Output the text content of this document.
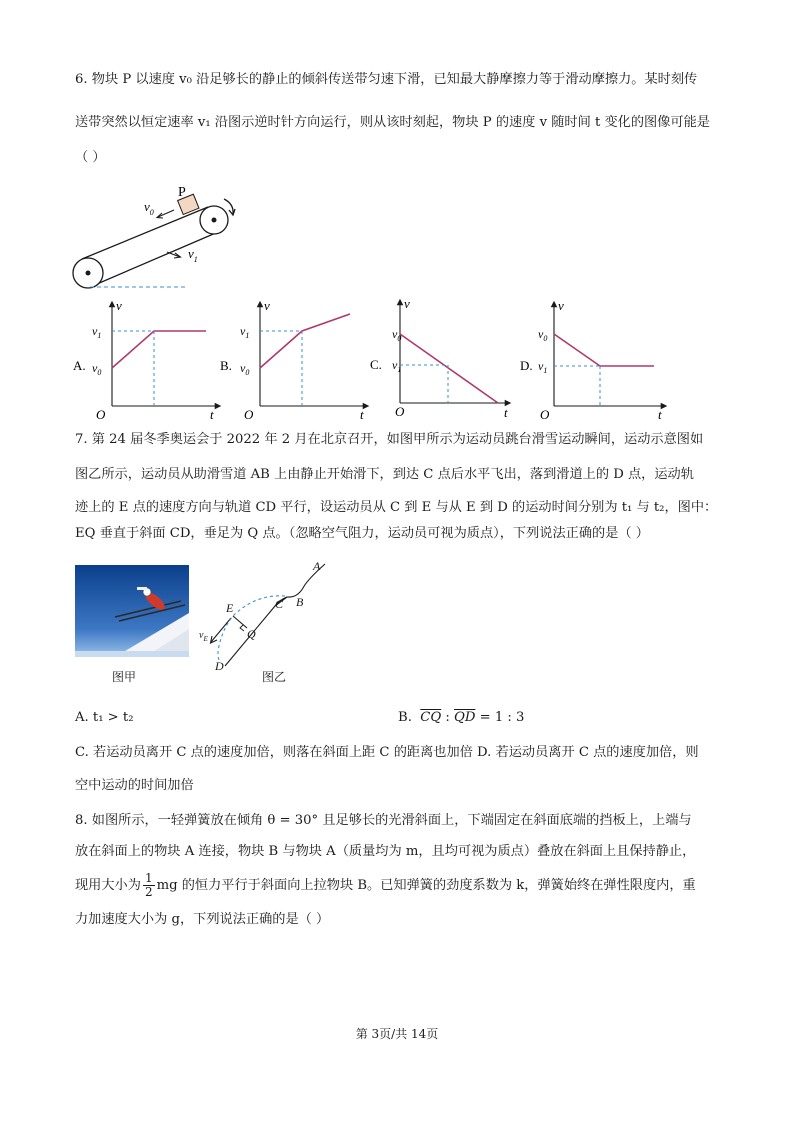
6. 物块 P 以速度 v₀ 沿足够长的静止的倾斜传送带匀速下滑，已知最大静摩擦力等于滑动摩擦力。某时刻传
送带突然以恒定速率 v₁ 沿图示逆时针方向运行，则从该时刻起，物块 P 的速度 v 随时间 t 变化的图像可能是
（ ）
P
$v_0$
$v_1$
v
t
O
$v_1$
$v_0$
A.
v
t
O
$v_1$
$v_0$
B.
v
t
O
$v_0$
$v_1$
C.
v
t
O
$v_0$
$v_1$
D.
7. 第 24 届冬季奥运会于 2022 年 2 月在北京召开，如图甲所示为运动员跳台滑雪运动瞬间，运动示意图如
图乙所示，运动员从助滑雪道 AB 上由静止开始滑下，到达 C 点后水平飞出，落到滑道上的 D 点，运动轨
迹上的 E 点的速度方向与轨道 CD 平行，设运动员从 C 到 E 与从 E 到 D 的运动时间分别为 t₁ 与 t₂，图中：
EQ 垂直于斜面 CD，垂足为 Q 点。（忽略空气阻力，运动员可视为质点），下列说法正确的是（ ）
图甲
A
B
C
E
Q
D
$v_E$
图乙
A. t₁ > t₂	B.  $\overline{CQ}$ : $\overline{QD} = 1$ : 3
C. 若运动员离开 C 点的速度加倍，则落在斜面上距 C 的距离也加倍 D. 若运动员离开 C 点的速度加倍，则
空中运动的时间加倍
8. 如图所示，一轻弹簧放在倾角 θ = 30° 且足够长的光滑斜面上，下端固定在斜面底端的挡板上，上端与
放在斜面上的物块 A 连接，物块 B 与物块 A（质量均为 m，且均可视为质点）叠放在斜面上且保持静止，
现用大小为 $\frac{1}{2}$ mg 的恒力平行于斜面向上拉物块 B。已知弹簧的劲度系数为 k，弹簧始终在弹性限度内，重
力加速度大小为 g，下列说法正确的是（ ）
第 3页/共 14页
